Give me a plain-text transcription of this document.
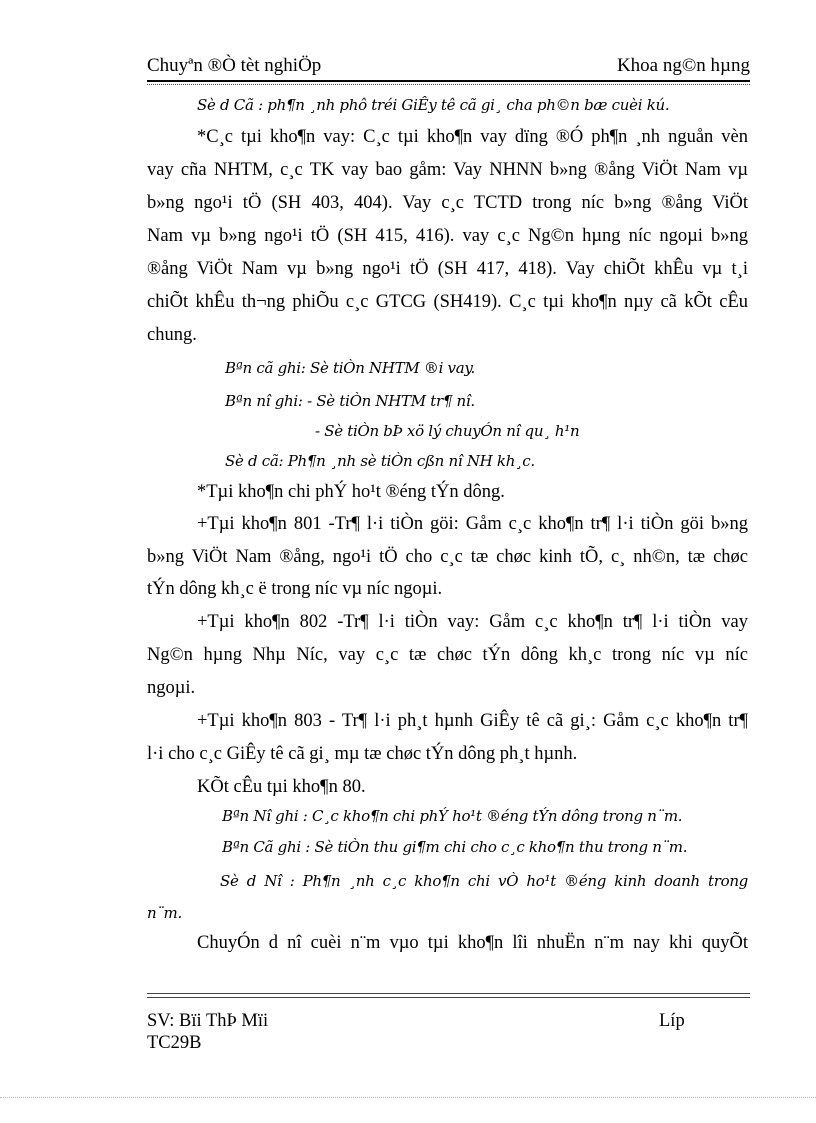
Chuyªn ®Ò tèt nghiÖp	Khoa ng©n hµng
Sè d Cã : ph¶n ¸nh phô tréi GiÊy tê cã gi¸ cha ph©n bæ cuèi kú.
*C¸c tµi kho¶n vay: C¸c tµi kho¶n vay dïng ®Ó ph¶n ¸nh nguån vèn
vay cña NHTM, c¸c TK vay bao gåm: Vay NHNN b»ng ®ång ViÖt Nam vµ
b»ng ngo¹i tÖ (SH 403, 404). Vay c¸c TCTD trong níc b»ng ®ång ViÖt
Nam vµ b»ng ngo¹i tÖ (SH 415, 416). vay c¸c Ng©n hµng níc ngoµi b»ng
®ång ViÖt Nam vµ b»ng ngo¹i tÖ (SH 417, 418). Vay chiÕt khÊu vµ t¸i
chiÕt khÊu th¬ng phiÕu c¸c GTCG (SH419). C¸c tµi kho¶n nµy cã kÕt cÊu
chung.
Bªn cã ghi: Sè tiÒn NHTM ®i vay.
Bªn nî ghi: - Sè tiÒn NHTM tr¶ nî.
- Sè tiÒn bÞ xö lý chuyÓn nî qu¸ h¹n
Sè d cã: Ph¶n ¸nh sè tiÒn cßn nî NH kh¸c.
*Tµi kho¶n chi phÝ ho¹t ®éng tÝn dông.
+Tµi kho¶n 801 -Tr¶ l·i tiÒn göi: Gåm c¸c kho¶n tr¶ l·i tiÒn göi b»ng
b»ng ViÖt Nam ®ång, ngo¹i tÖ cho c¸c tæ chøc kinh tÕ, c¸ nh©n, tæ chøc
tÝn dông kh¸c ë trong níc vµ níc ngoµi.
+Tµi kho¶n 802 -Tr¶ l·i tiÒn vay: Gåm c¸c kho¶n tr¶ l·i tiÒn vay
Ng©n hµng Nhµ Níc, vay c¸c tæ chøc tÝn dông kh¸c trong níc vµ níc
ngoµi.
+Tµi kho¶n 803 - Tr¶ l·i ph¸t hµnh GiÊy tê cã gi¸: Gåm c¸c kho¶n tr¶
l·i cho c¸c GiÊy tê cã gi¸ mµ tæ chøc tÝn dông ph¸t hµnh.
KÕt cÊu tµi kho¶n 80.
Bªn Nî ghi : C¸c kho¶n chi phÝ ho¹t ®éng tÝn dông trong n¨m.
Bªn Cã ghi : Sè tiÒn thu gi¶m chi cho c¸c kho¶n thu trong n¨m.
Sè d Nî : Ph¶n ¸nh c¸c kho¶n chi vÒ ho¹t ®éng kinh doanh trong
n¨m.
ChuyÓn d nî cuèi n¨m vµo tµi kho¶n lîi nhuËn n¨m nay khi quyÕt
SV: Bïi ThÞ Mïi	Líp
TC29B
